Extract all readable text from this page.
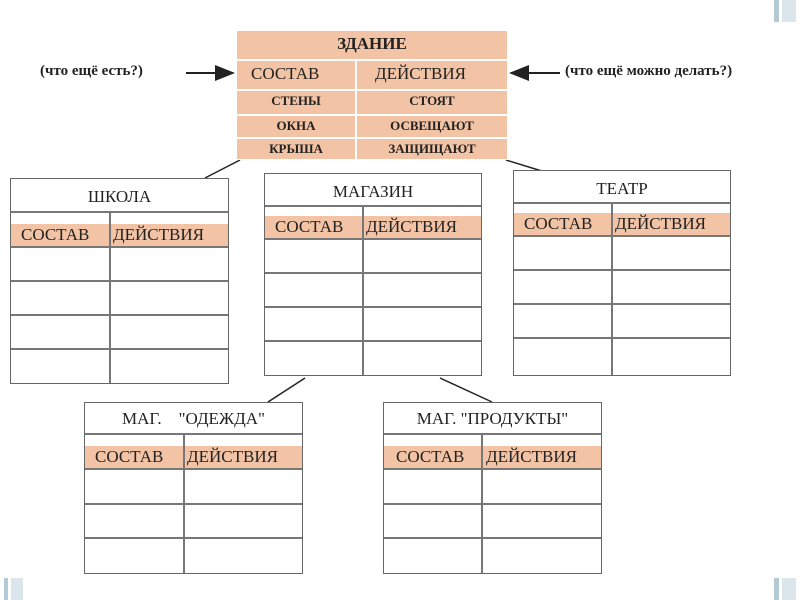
(что ещё есть?)	(что ещё можно делать?)
ЗДАНИЕ
СОСТАВ	ДЕЙСТВИЯ
СТЕНЫ	СТОЯТ
ОКНА	ОСВЕЩАЮТ
КРЫША	ЗАЩИЩАЮТ
ШКОЛА
СОСТАВ ДЕЙСТВИЯ
МАГАЗИН
СОСТАВ ДЕЙСТВИЯ
ТЕАТР
СОСТАВ ДЕЙСТВИЯ
МАГ.    "ОДЕЖДА"
СОСТАВ ДЕЙСТВИЯ
МАГ. "ПРОДУКТЫ"
СОСТАВ ДЕЙСТВИЯ
